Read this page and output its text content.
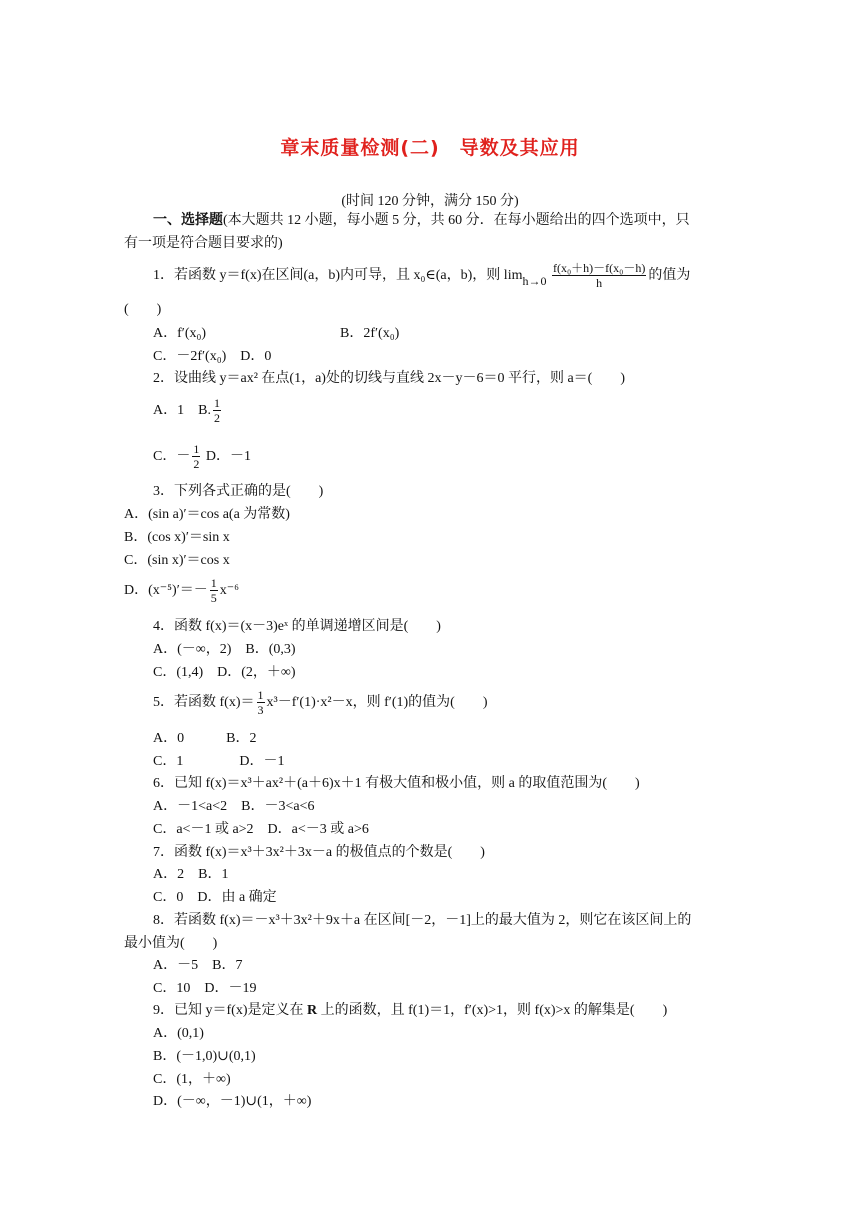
章末质量检测(二)　导数及其应用
(时间 120 分钟，满分 150 分)
一、选择题(本大题共 12 小题，每小题 5 分，共 60 分．在每小题给出的四个选项中，只
有一项是符合题目要求的)
1．若函数 y＝f(x)在区间(a，b)内可导，且 x₀∈(a，b)，则 $\lim h\to 0 \frac{\text{f(x₀＋h)－f(x₀－h)}}{h}$ 的值为
(　　)
A．f′(x₀)	B．2f′(x₀)
C．－2f′(x₀)　D．0
2．设曲线 y＝ax² 在点(1，a)处的切线与直线 2x－y－6＝0 平行，则 a＝(　　)
A．1　B. $\frac{1}{2}$
C．－ $\frac{1}{2}$ D．－1
3．下列各式正确的是(　　)
A．(sin a)′＝cos a(a 为常数)
B．(cos x)′＝sin x
C．(sin x)′＝cos x
D．$(x^{-5})'=- \frac{1}{5} x^{-6}$
4．函数 f(x)＝(x－3)eˣ 的单调递增区间是(　　)
A．(－∞，2)　B．(0,3)
C．(1,4)　D．(2，＋∞)
5．若函数 $f(x)= \frac{1}{3} x^3-f'(1)\cdot x^2-x$，则 f′(1)的值为(　　)
A．0　　　B．2
C．1　　　　D．－1
6．已知 f(x)＝x³＋ax²＋(a＋6)x＋1 有极大值和极小值，则 a 的取值范围为(　　)
A．－1<a<2　B．－3<a<6
C．a<－1 或 a>2　D．a<－3 或 a>6
7．函数 f(x)＝x³＋3x²＋3x－a 的极值点的个数是(　　)
A．2　B．1
C．0　D．由 a 确定
8．若函数 f(x)＝－x³＋3x²＋9x＋a 在区间[－2，－1]上的最大值为 2，则它在该区间上的
最小值为(　　)
A．－5　B．7
C．10　D．－19
9．已知 y＝f(x)是定义在 R 上的函数，且 f(1)＝1，f′(x)>1，则 f(x)>x 的解集是(　　)
A．(0,1)
B．(－1,0)∪(0,1)
C．(1，＋∞)
D．(－∞，－1)∪(1，＋∞)
